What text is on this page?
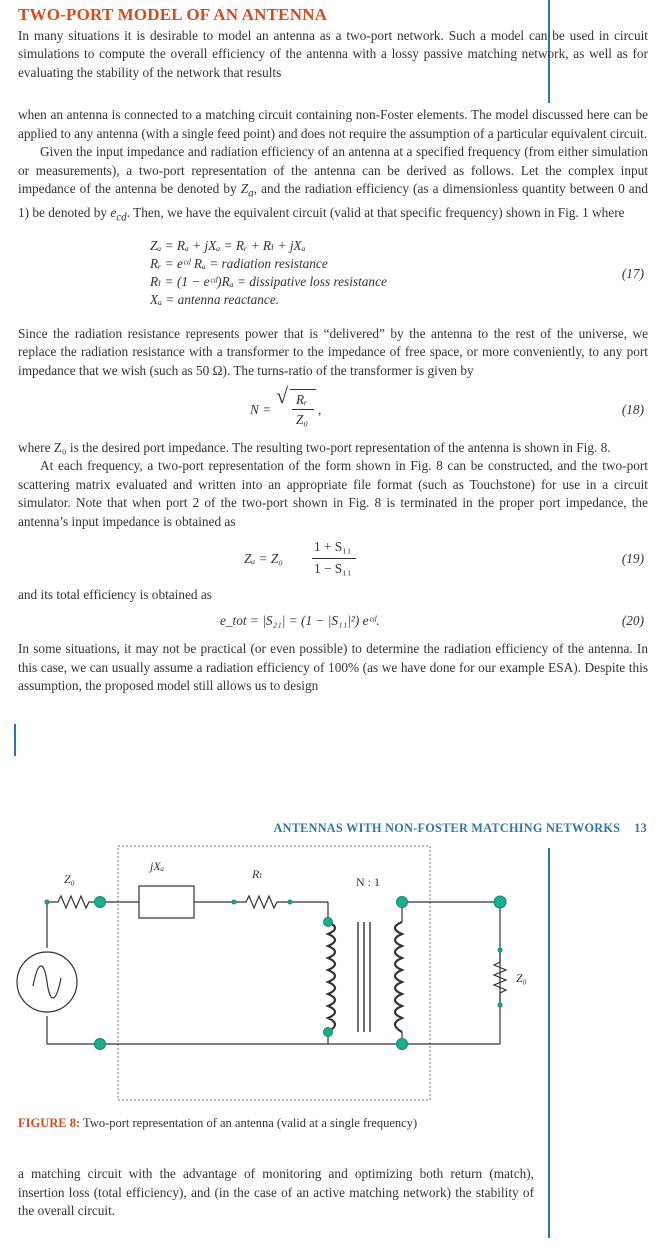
TWO-PORT MODEL OF AN ANTENNA

In many situations it is desirable to model an antenna as a two-port network. Such a model can be used in circuit simulations to compute the overall efficiency of the antenna with a lossy passive matching network, as well as for evaluating the stability of the network that results

when an antenna is connected to a matching circuit containing non-Foster elements. The model discussed here can be applied to any antenna (with a single feed point) and does not require the assumption of a particular equivalent circuit.

Given the input impedance and radiation efficiency of an antenna at a specified frequency (from either simulation or measurements), a two-port representation of the antenna can be derived as follows. Let the complex input impedance of the antenna be denoted by $Z_a$, and the radiation efficiency (as a dimensionless quantity between 0 and 1) be denoted by $e_{cd}$. Then, we have the equivalent circuit (valid at that specific frequency) shown in Fig. 1 where

Zₐ = Rₐ + jXₐ = Rᵣ + Rₗ + jXₐ
Rᵣ = eᶜᵈ Rₐ = radiation resistance
Rₗ = (1 − eᶜᵈ)Rₐ = dissipative loss resistance
Xₐ = antenna reactance.
(17)

Since the radiation resistance represents power that is “delivered” by the antenna to the rest of the universe, we replace the radiation resistance with a transformer to the impedance of free space, or more conveniently, to any port impedance that we wish (such as 50 Ω). The turns-ratio of the transformer is given by

N =
√ Rᵣ
Z₀
,	(18)

where Z₀ is the desired port impedance. The resulting two-port representation of the antenna is shown in Fig. 8.

At each frequency, a two-port representation of the form shown in Fig. 8 can be constructed, and the two-port scattering matrix evaluated and written into an appropriate file format (such as Touchstone) for use in a circuit simulator. Note that when port 2 of the two-port shown in Fig. 8 is terminated in the proper port impedance, the antenna’s input impedance is obtained as

Zₐ = Z₀
1 + S₁₁
1 − S₁₁
(19)

and its total efficiency is obtained as

e_tot = |S₂₁| = (1 − |S₁₁|²) eᶜᵈ.	(20)

In some situations, it may not be practical (or even possible) to determine the radiation efficiency of the antenna. In this case, we can usually assume a radiation efficiency of 100% (as we have done for our example ESA). Despite this assumption, the proposed model still allows us to design

ANTENNAS WITH NON-FOSTER MATCHING NETWORKS 13
Z₀
jXₐ
Rₗ
N : 1
Z₀
FIGURE 8: Two-port representation of an antenna (valid at a single frequency)

a matching circuit with the advantage of monitoring and optimizing both return (match), insertion loss (total efficiency), and (in the case of an active matching network) the stability of the overall circuit.
